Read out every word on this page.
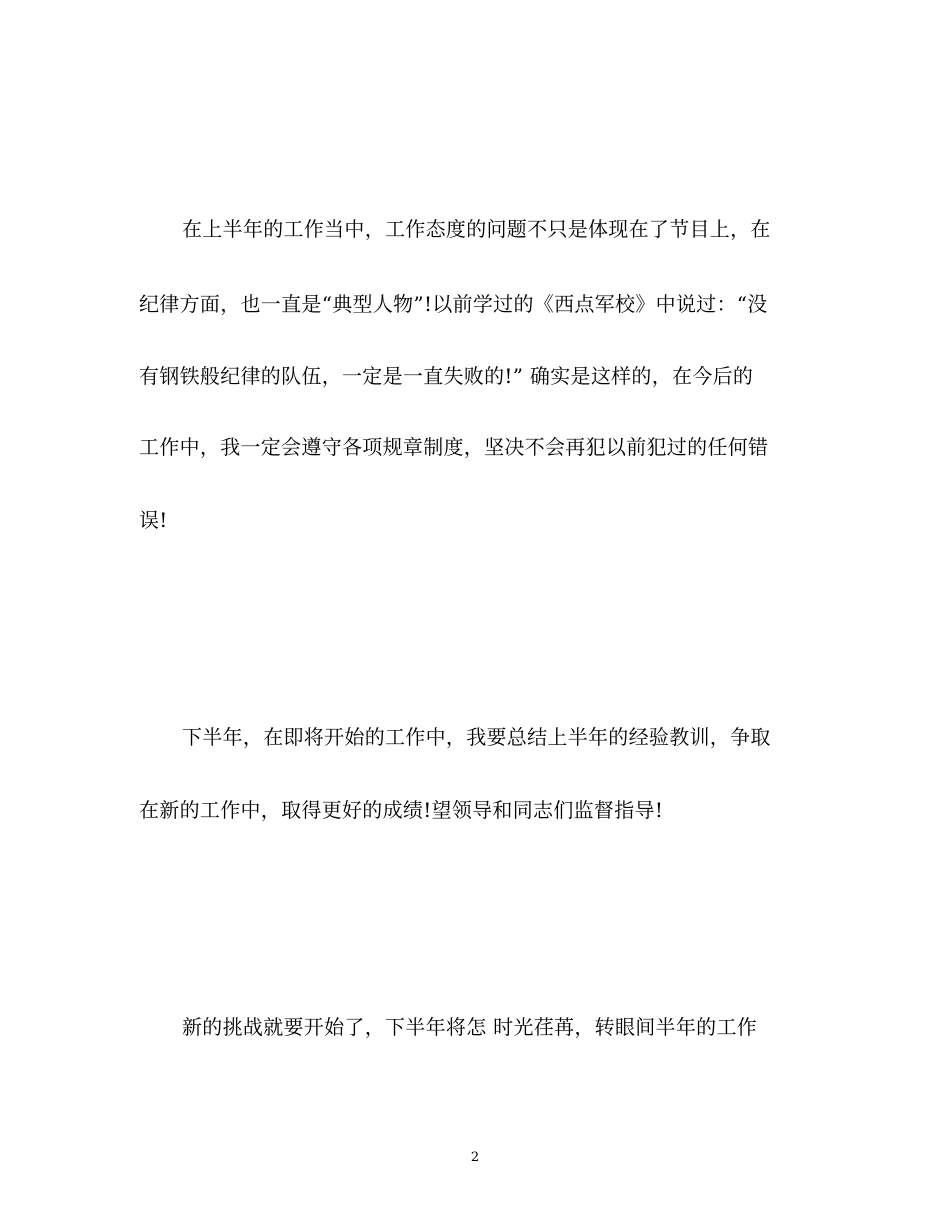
在上半年的工作当中，工作态度的问题不只是体现在了节目上，在
纪律方面，也一直是“典型人物”!以前学过的《西点军校》中说过：“没
有钢铁般纪律的队伍，一定是一直失败的!” 确实是这样的，在今后的
工作中，我一定会遵守各项规章制度，坚决不会再犯以前犯过的任何错
误!
下半年，在即将开始的工作中，我要总结上半年的经验教训，争取
在新的工作中，取得更好的成绩!望领导和同志们监督指导!
新的挑战就要开始了，下半年将怎 时光荏苒，转眼间半年的工作
2
